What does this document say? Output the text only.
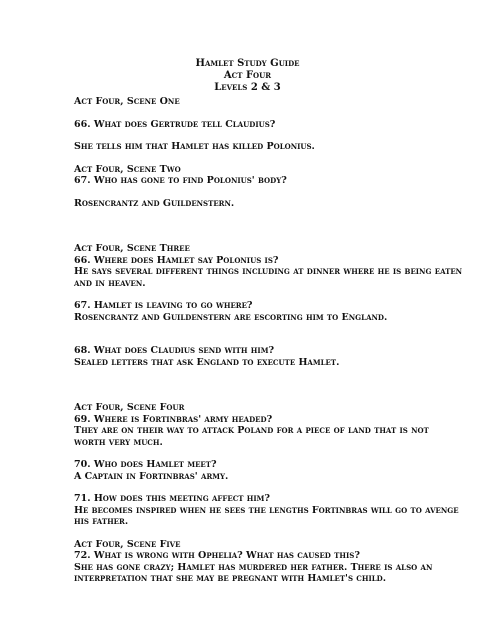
Hamlet Study Guide
Act Four
Levels 2 & 3

Act Four, Scene One

66. What does Gertrude tell Claudius?

She tells him that Hamlet has killed Polonius.

Act Four, Scene Two

67. Who has gone to find Polonius' body?

Rosencrantz and Guildenstern.

Act Four, Scene Three

66. Where does Hamlet say Polonius is?

He says several different things including at dinner where he is being eaten

and in heaven.

67. Hamlet is leaving to go where?

Rosencrantz and Guildenstern are escorting him to England.

68. What does Claudius send with him?

Sealed letters that ask England to execute Hamlet.

Act Four, Scene Four

69. Where is Fortinbras' army headed?

They are on their way to attack Poland for a piece of land that is not

worth very much.

70. Who does Hamlet meet?

A Captain in Fortinbras' army.

71. How does this meeting affect him?

He becomes inspired when he sees the lengths Fortinbras will go to avenge

his father.

Act Four, Scene Five

72. What is wrong with Ophelia? What has caused this?

She has gone crazy; Hamlet has murdered her father. There is also an

interpretation that she may be pregnant with Hamlet's child.
